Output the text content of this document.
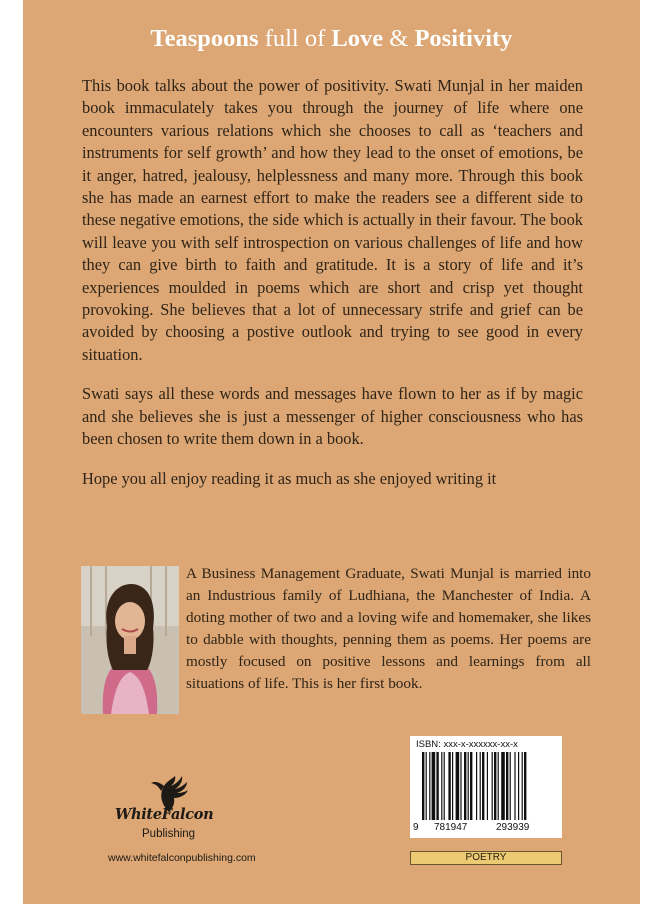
Teaspoons full of Love & Positivity

This book talks about the power of positivity. Swati Munjal in her maiden book immaculately takes you through the journey of life where one encounters various relations which she chooses to call as ‘teachers and instruments for self growth’ and how they lead to the onset of emotions, be it anger, hatred, jealousy, helplessness and many more. Through this book she has made an earnest effort to make the readers see a different side to these negative emotions, the side which is actually in their favour. The book will leave you with self introspection on various challenges of life and how they can give birth to faith and gratitude. It is a story of life and it’s experiences moulded in poems which are short and crisp yet thought provoking. She believes that a lot of unnecessary strife and grief can be avoided by choosing a postive outlook and trying to see good in every situation.

Swati says all these words and messages have flown to her as if by magic and she believes she is just a messenger of higher consciousness who has been chosen to write them down in a book.

Hope you all enjoy reading it as much as she enjoyed writing it

A Business Management Graduate, Swati Munjal is married into an Industrious family of Ludhiana, the Manchester of India. A doting mother of two and a loving wife and homemaker, she likes to dabble with thoughts, penning them as poems. Her poems are mostly focused on positive lessons and learnings from all situations of life. This is her first book.

WhiteFalcon
Publishing
www.whitefalconpublishing.com
ISBN: xxx-x-xxxxxx-xx-x
9 781947	293939
POETRY
